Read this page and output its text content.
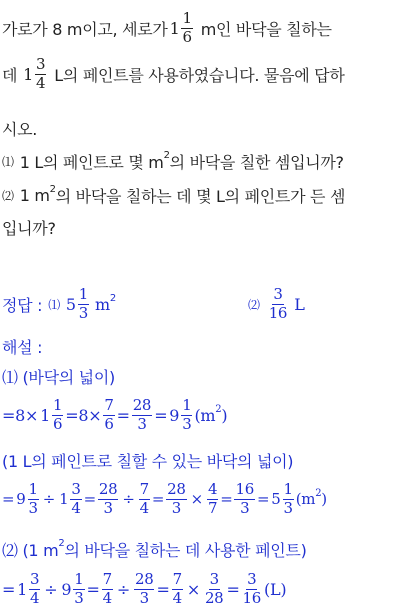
가로가 8 m이고, 세로가 $1 \frac{1}{6}$ m인 바닥을 칠하는
데 $1 \frac{3}{4}$ L의 페인트를 사용하였습니다. 물음에 답하
시오.
⑴ 1 L의 페인트로 몇 $m^2$ 의 바닥을 칠한 셈입니까?
⑵ 1 $m^2$ 의 바닥을 칠하는 데 몇 L의 페인트가 든 셈
입니까?
정답 : ⑴ $5 \frac{1}{3} m^2$	⑵ $\frac{3}{16}$ L
해설 :
⑴ (바닥의 넓이)
$=8\times 1 \frac{1}{6} =8\times \frac{7}{6} = \frac{28}{3} = 9 \frac{1}{3} (m^2$ )
(1 L의 페인트로 칠할 수 있는 바닥의 넓이)
= $9 \frac{1}{3} \div 1 \frac{3}{4} = \frac{28}{3} \div \frac{7}{4} = \frac{28}{3} \times \frac{4}{7} = \frac{16}{3} = 5 \frac{1}{3} (m^2$ )
⑵ (1 $m^2$ 의 바닥을 칠하는 데 사용한 페인트)
= $1 \frac{3}{4} \div 9 \frac{1}{3} = \frac{7}{4} \div \frac{28}{3} = \frac{7}{4} \times \frac{3}{28} = \frac{3}{16} (L)$
